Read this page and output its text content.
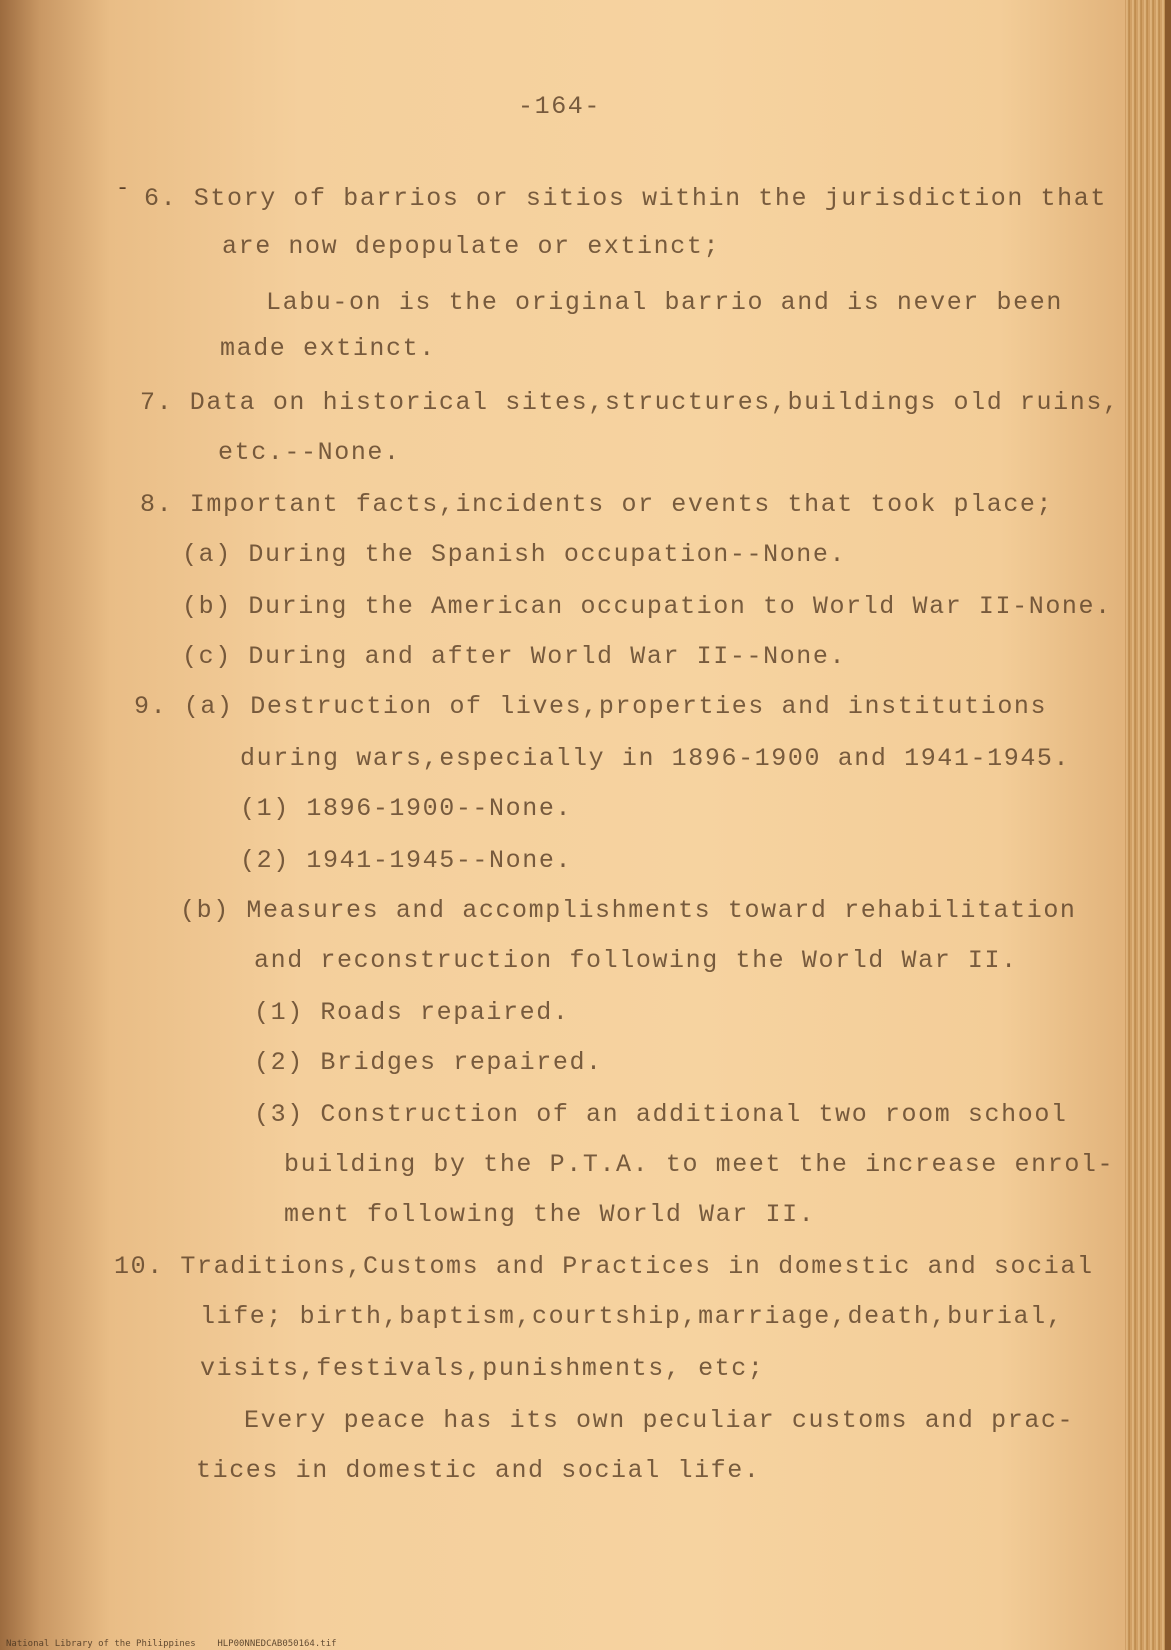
-
-164-
6. Story of barrios or sitios within the jurisdiction that
are now depopulate or extinct;
Labu-on is the original barrio and is never been
made extinct.
7. Data on historical sites,structures,buildings old ruins,
etc.--None.
8. Important facts,incidents or events that took place;
(a) During the Spanish occupation--None.
(b) During the American occupation to World War II-None.
(c) During and after World War II--None.
9. (a) Destruction of lives,properties and institutions
during wars,especially in 1896-1900 and 1941-1945.
(1) 1896-1900--None.
(2) 1941-1945--None.
(b) Measures and accomplishments toward rehabilitation
and reconstruction following the World War II.
(1) Roads repaired.
(2) Bridges repaired.
(3) Construction of an additional two room school
building by the P.T.A. to meet the increase enrol-
ment following the World War II.
10. Traditions,Customs and Practices in domestic and social
life; birth,baptism,courtship,marriage,death,burial,
visits,festivals,punishments, etc;
Every peace has its own peculiar customs and prac-
tices in domestic and social life.
National Library of the Philippines    HLP00NNEDCAB050164.tif
